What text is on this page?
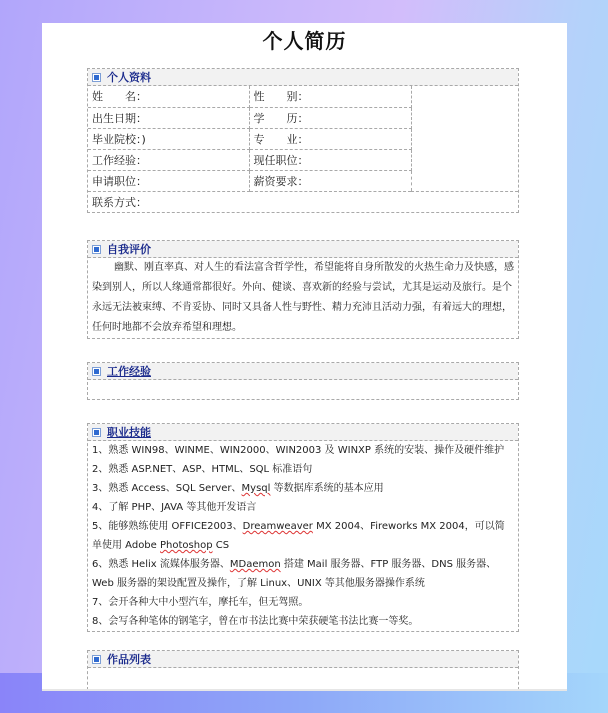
个人简历
个人资料
姓　　名：	性　　别：	
出生日期：	学　　历：	
毕业院校：)	专　　业：	
工作经验：	现任职位：	
申请职位：	薪资要求：	
联系方式：		
自我评价

幽默、刚直率真、对人生的看法富含哲学性，希望能将自身所散发的火热生命力及快感，感染到别人，所以人缘通常都很好。外向、健谈、喜欢新的经验与尝试，尤其是运动及旅行。是个永远无法被束缚、不肯妥协、同时又具备人性与野性、精力充沛且活动力强，有着远大的理想，任何时地都不会放弃希望和理想。

工作经验
职业技能
1、熟悉 WIN98、WINME、WIN2000、WIN2003 及 WINXP 系统的安装、操作及硬件维护
2、熟悉 ASP.NET、ASP、HTML、SQL 标准语句
3、熟悉 Access、SQL Server、Mysql 等数据库系统的基本应用
4、了解 PHP、JAVA 等其他开发语言
5、能够熟练使用 OFFICE2003、Dreamweaver MX 2004、Fireworks MX 2004，可以简单使用 Adobe Photoshop CS
6、熟悉 Helix 流媒体服务器、MDaemon 搭建 Mail 服务器、FTP 服务器、DNS 服务器、Web 服务器的架设配置及操作，了解 Linux、UNIX 等其他服务器操作系统
7、会开各种大中小型汽车，摩托车，但无驾照。
8、会写各种笔体的钢笔字，曾在市书法比赛中荣获硬笔书法比赛一等奖。
作品列表
